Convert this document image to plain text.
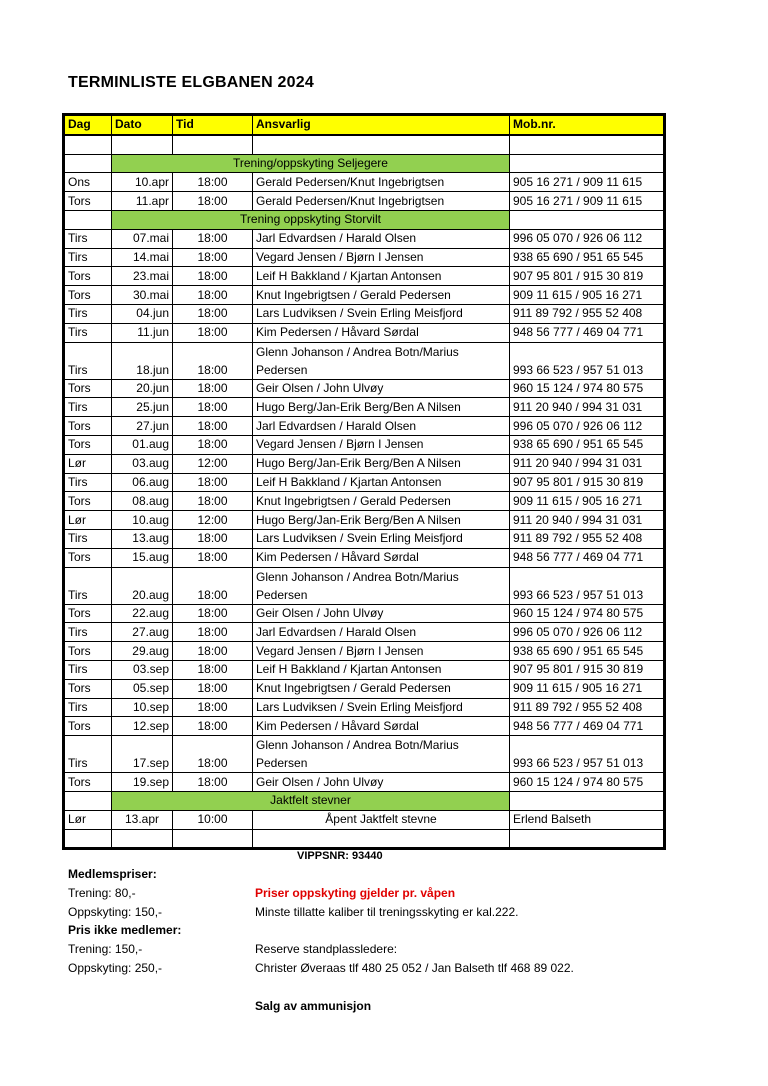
TERMINLISTE ELGBANEN 2024
Dag	Dato	Tid	Ansvarlig	Mob.nr.

	Trening/oppskyting Seljegere			
Ons	10.apr	18:00	Gerald Pedersen/Knut Ingebrigtsen	905 16 271 / 909 11 615
Tors	11.apr	18:00	Gerald Pedersen/Knut Ingebrigtsen	905 16 271 / 909 11 615
	Trening oppskyting Storvilt			
Tirs	07.mai	18:00	Jarl Edvardsen / Harald Olsen	996 05 070 / 926 06 112
Tirs	14.mai	18:00	Vegard Jensen / Bjørn I Jensen	938 65 690 / 951 65 545
Tors	23.mai	18:00	Leif H Bakkland / Kjartan Antonsen	907 95 801 / 915 30 819
Tors	30.mai	18:00	Knut Ingebrigtsen / Gerald Pedersen	909 11 615 / 905 16 271
Tirs	04.jun	18:00	Lars Ludviksen / Svein Erling Meisfjord	911 89 792 / 955 52 408
Tirs	11.jun	18:00	Kim Pedersen / Håvard Sørdal	948 56 777 / 469 04 771
Tirs	18.jun	18:00	Glenn Johanson / Andrea Botn/Marius
Pedersen	993 66 523 / 957 51 013
Tors	20.jun	18:00	Geir Olsen / John Ulvøy	960 15 124 / 974 80 575
Tirs	25.jun	18:00	Hugo Berg/Jan-Erik Berg/Ben A Nilsen	911 20 940 / 994 31 031
Tors	27.jun	18:00	Jarl Edvardsen / Harald Olsen	996 05 070 / 926 06 112
Tors	01.aug	18:00	Vegard Jensen / Bjørn I Jensen	938 65 690 / 951 65 545
Lør	03.aug	12:00	Hugo Berg/Jan-Erik Berg/Ben A Nilsen	911 20 940 / 994 31 031
Tirs	06.aug	18:00	Leif H Bakkland / Kjartan Antonsen	907 95 801 / 915 30 819
Tors	08.aug	18:00	Knut Ingebrigtsen / Gerald Pedersen	909 11 615 / 905 16 271
Lør	10.aug	12:00	Hugo Berg/Jan-Erik Berg/Ben A Nilsen	911 20 940 / 994 31 031
Tirs	13.aug	18:00	Lars Ludviksen / Svein Erling Meisfjord	911 89 792 / 955 52 408
Tors	15.aug	18:00	Kim Pedersen / Håvard Sørdal	948 56 777 / 469 04 771
Tirs	20.aug	18:00	Glenn Johanson / Andrea Botn/Marius
Pedersen	993 66 523 / 957 51 013
Tors	22.aug	18:00	Geir Olsen / John Ulvøy	960 15 124 / 974 80 575
Tirs	27.aug	18:00	Jarl Edvardsen / Harald Olsen	996 05 070 / 926 06 112
Tors	29.aug	18:00	Vegard Jensen / Bjørn I Jensen	938 65 690 / 951 65 545
Tirs	03.sep	18:00	Leif H Bakkland / Kjartan Antonsen	907 95 801 / 915 30 819
Tors	05.sep	18:00	Knut Ingebrigtsen / Gerald Pedersen	909 11 615 / 905 16 271
Tirs	10.sep	18:00	Lars Ludviksen / Svein Erling Meisfjord	911 89 792 / 955 52 408
Tors	12.sep	18:00	Kim Pedersen / Håvard Sørdal	948 56 777 / 469 04 771
Tirs	17.sep	18:00	Glenn Johanson / Andrea Botn/Marius
Pedersen	993 66 523 / 957 51 013
Tors	19.sep	18:00	Geir Olsen / John Ulvøy	960 15 124 / 974 80 575
	Jaktfelt stevner			
Lør	13.apr	10:00	Åpent Jaktfelt stevne	Erlend Balseth

VIPPSNR: 93440
Medlemspriser:
Trening: 80,-
Oppskyting: 150,-
Pris ikke medlemer:
Trening: 150,-
Oppskyting: 250,-
Priser oppskyting gjelder pr. våpen
Minste tillatte kaliber til treningsskyting er kal.222.
Reserve standplassledere:
Christer Øveraas tlf 480 25 052 / Jan Balseth tlf 468 89 022.
Salg av ammunisjon
